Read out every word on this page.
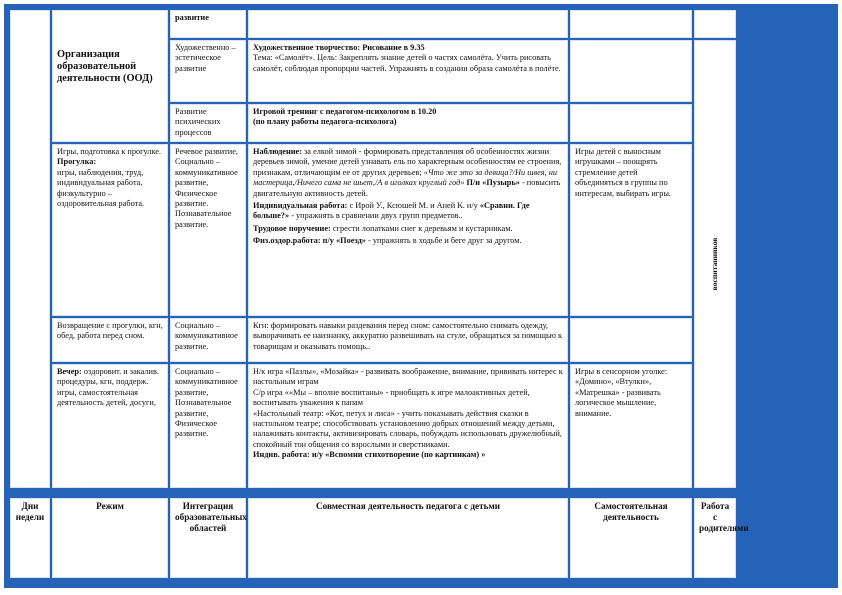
Организация образовательной деятельности (ООД)
развитие
Художественно – эстетическое развитие

Художественное творчество: Рисование в 9.35

Тема: «Самолёт». Цель: Закреплять знание детей о частях самолёта. Учить рисовать самолёт, соблюдая пропорции частей. Упражнять в создании образа самолёта в полёте.

Развитие психических процессов

Игровой тренинг с педагогом-психологом в 10.20

(по плану работы педагога-психолога)

воспитанников

Игры, подготовка к прогулке.

Прогулка:

игры, наблюдения, труд, индивидуальная работа, физкультурно – оздоровительная работа.

Речевое развитие, Социально – коммуникативное развитие, Физическое развитие. Познавательное развитие.

Наблюдение: за елкой зимой - формировать представления об особенностях жизни деревьев зимой, умение детей узнавать ель по характерным особенностям ее строения, признакам, отличающим ее от других деревьев; «Что же это за девица?/Ни швея, ни мастерица,/Ничего сама не шьет,/А в иголках круглый год» П/и «Пузырь» - повысить двигательную активность детей.

Индивидуальная работа: с Ирой У., Ксюшей М. и Аней К. и/у «Сравни. Где больше?» - упражнять в сравнении двух групп предметов..

Трудовое поручение: сгрести лопатками снег к деревьям и кустарникам.

Физ.оздор.работа: п/у «Поезд» - упражнять в ходьбе и беге друг за другом.

Игры детей с выносным игрушками – поощрять стремление детей объединяться в группы по интересам, выбирать игры.
Возвращение с прогулки, кгн, обед, работа перед сном.
Социально – коммуникативное развитие.
Кгн: формировать навыки раздевания перед сном: самостоятельно снимать одежду, выворачивать ее наизнанку, аккуратно развешивать на стуле, обращаться за помощью к товарищам и оказывать помощь..
Вечер: оздоровит. и закалив. процедуры, кгн, поддерж. игры, самостоятельная деятельность детей, досуги,
Социально – коммуникативное развитие, Познавательное развитие, Физическое развитие.

Н/к игра «Пазлы», «Мозайка» - развивать воображение, внимание, прививать интерес к настольным играм

С/р игра ««Мы – вполне воспитаны» - приобщать к игре малоактивных детей, воспитывать уважения к папам

«Настольный театр: «Кот, петух и лиса» - учить показывать действия сказки в настольном театре; способствовать установлению добрых отношений между детьми, налаживать контакты, активизировать словарь, побуждать использовать дружелюбный, спокойный тон общения со взрослыми и сверстниками.

Индив. работа: и/у «Вспомни стихотворение (по картинкам) »

Игры в сенсорном уголке: «Домино», «Втулки», «Матрешка» - развивать логическое мышление, внимание.
Дни недели
Режим	Интеграция образовательных областей
Совместная деятельность педагога с детьми	Самостоятельная деятельность
Работа с родителями
